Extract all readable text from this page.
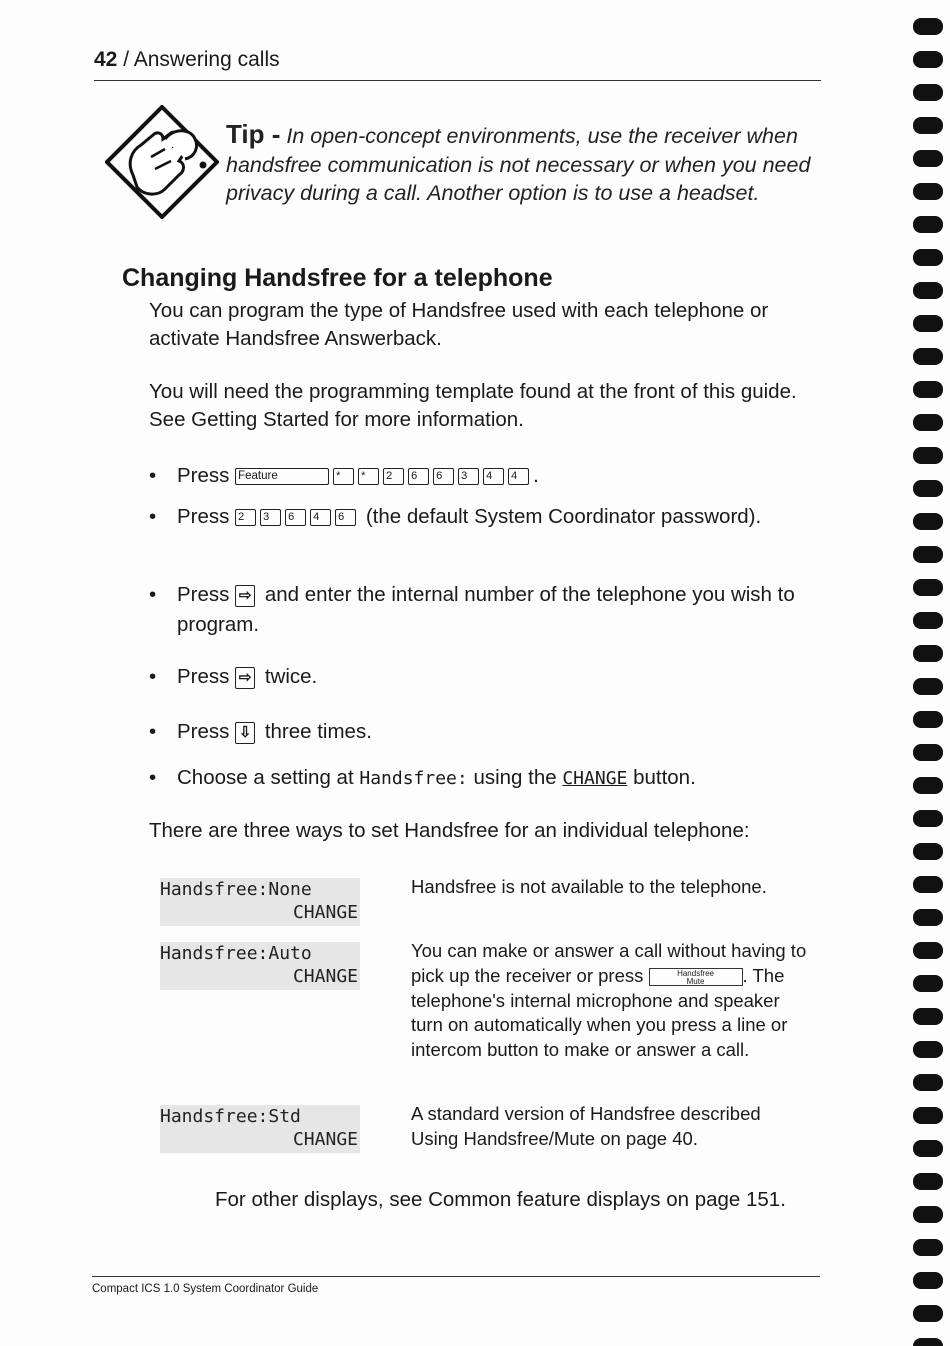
42 / Answering calls
Tip - In open-concept environments, use the receiver when handsfree communication is not necessary or when you need privacy during a call. Another option is to use a headset.
Changing Handsfree for a telephone
You can program the type of Handsfree used with each telephone or activate Handsfree Answerback.
You will need the programming template found at the front of this guide. See Getting Started for more information.
• Press Feature	* * 2 6 6 3 4 4 .
• Press 2 3 6 4 6 (the default System Coordinator password).
• Press ⇨ and enter the internal number of the telephone you wish to program.
• Press ⇨ twice.
• Press ⇩ three times.
• Choose a setting at Handsfree: using the CHANGE button.
There are three ways to set Handsfree for an individual telephone:
Handsfree:None
CHANGE
Handsfree is not available to the telephone.
Handsfree:Auto
CHANGE
You can make or answer a call without having to pick up the receiver or press	Handsfree
Mute . The telephone's internal microphone and speaker turn on automatically when you press a line or intercom button to make or answer a call.
Handsfree:Std
CHANGE
A standard version of Handsfree described Using Handsfree/Mute on page 40.
For other displays, see Common feature displays on page 151.
Compact ICS 1.0 System Coordinator Guide
